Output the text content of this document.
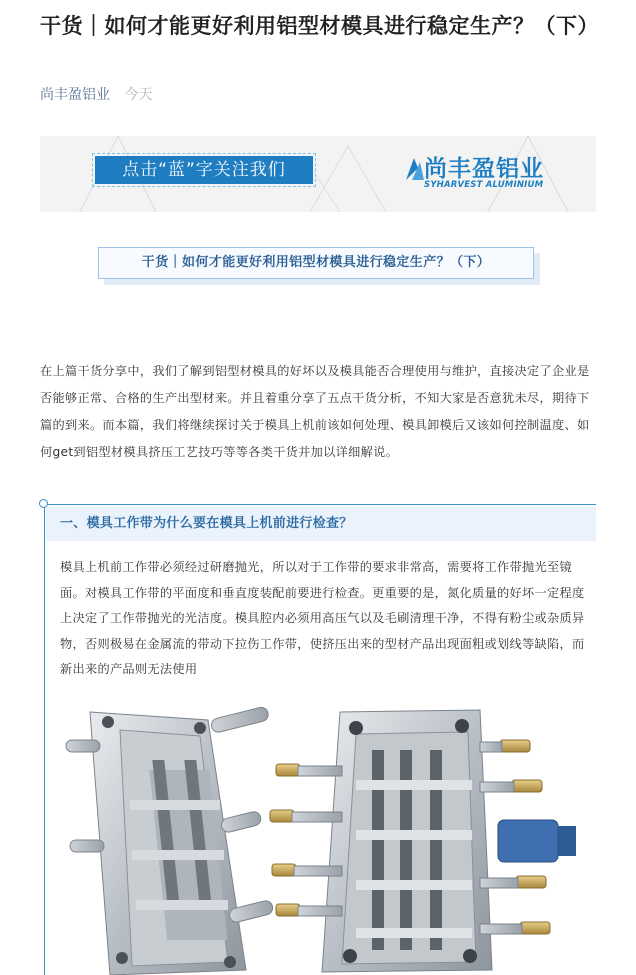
干货｜如何才能更好利用铝型材模具进行稳定生产？（下）
尚丰盈铝业 今天
点击“蓝”字关注我们	尚丰盈铝业
SYHARVEST ALUMINIUM
干货｜如何才能更好利用铝型材模具进行稳定生产？（下）
在上篇干货分享中，我们了解到铝型材模具的好坏以及模具能否合理使用与维护，直接决定了企业是否能够正常、合格的生产出型材来。并且着重分享了五点干货分析，不知大家是否意犹未尽，期待下篇的到来。而本篇，我们将继续探讨关于模具上机前该如何处理、模具卸模后又该如何控制温度、如何get到铝型材模具挤压工艺技巧等等各类干货并加以详细解说。
一、模具工作带为什么要在模具上机前进行检查？
模具上机前工作带必须经过研磨抛光，所以对于工作带的要求非常高，需要将工作带抛光至镜面。对模具工作带的平面度和垂直度装配前要进行检查。更重要的是，氮化质量的好坏一定程度上决定了工作带抛光的光洁度。模具腔内必须用高压气以及毛刷清理干净，不得有粉尘或杂质异物，否则极易在金属流的带动下拉伤工作带，使挤压出来的型材产品出现面粗或划线等缺陷，而新出来的产品则无法使用
